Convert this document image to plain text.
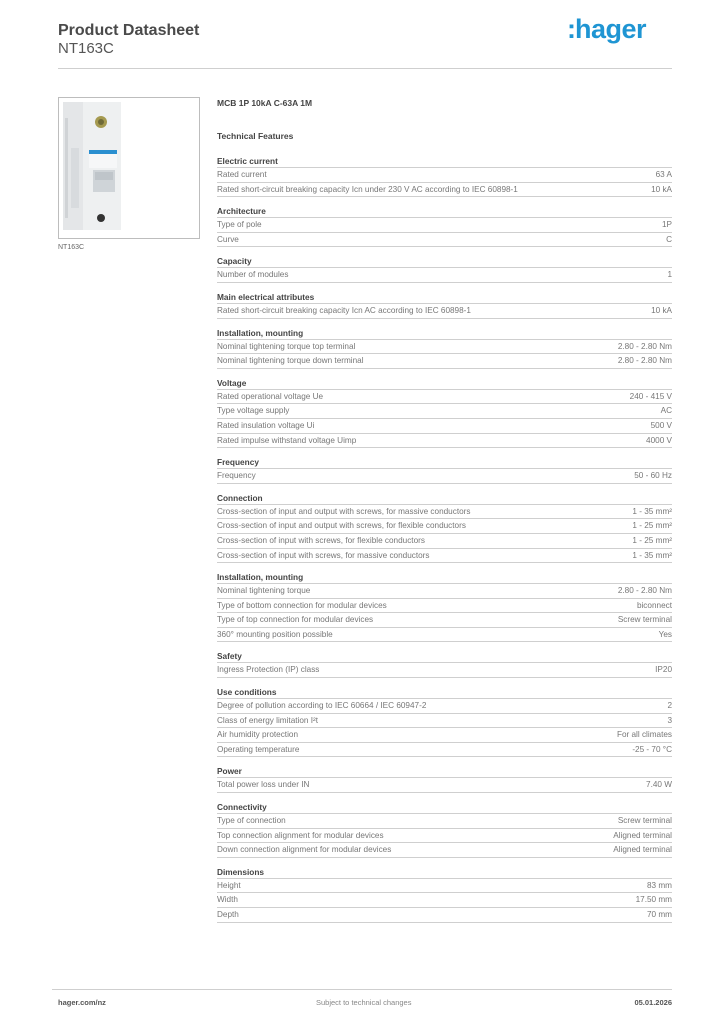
Product Datasheet
NT163C
:hager
NT163C
MCB 1P 10kA C-63A 1M
Technical Features
Electric current
Rated current	63 A
Rated short-circuit breaking capacity Icn under 230 V AC according to IEC 60898-1	10 kA
Architecture
Type of pole	1P
Curve	C
Capacity
Number of modules	1
Main electrical attributes
Rated short-circuit breaking capacity Icn AC according to IEC 60898-1	10 kA
Installation, mounting
Nominal tightening torque top terminal	2.80 - 2.80 Nm
Nominal tightening torque down terminal	2.80 - 2.80 Nm
Voltage
Rated operational voltage Ue	240 - 415 V
Type voltage supply	AC
Rated insulation voltage Ui	500 V
Rated impulse withstand voltage Uimp	4000 V
Frequency
Frequency	50 - 60 Hz
Connection
Cross-section of input and output with screws, for massive conductors	1 - 35 mm²
Cross-section of input and output with screws, for flexible conductors	1 - 25 mm²
Cross-section of input with screws, for flexible conductors	1 - 25 mm²
Cross-section of input with screws, for massive conductors	1 - 35 mm²
Installation, mounting
Nominal tightening torque	2.80 - 2.80 Nm
Type of bottom connection for modular devices	biconnect
Type of top connection for modular devices	Screw terminal
360° mounting position possible	Yes
Safety
Ingress Protection (IP) class	IP20
Use conditions
Degree of pollution according to IEC 60664 / IEC 60947-2	2
Class of energy limitation I²t	3
Air humidity protection	For all climates
Operating temperature	-25 - 70 °C
Power
Total power loss under IN	7.40 W
Connectivity
Type of connection	Screw terminal
Top connection alignment for modular devices	Aligned terminal
Down connection alignment for modular devices	Aligned terminal
Dimensions
Height	83 mm
Width	17.50 mm
Depth	70 mm
hager.com/nz	Subject to technical changes	05.01.2026
